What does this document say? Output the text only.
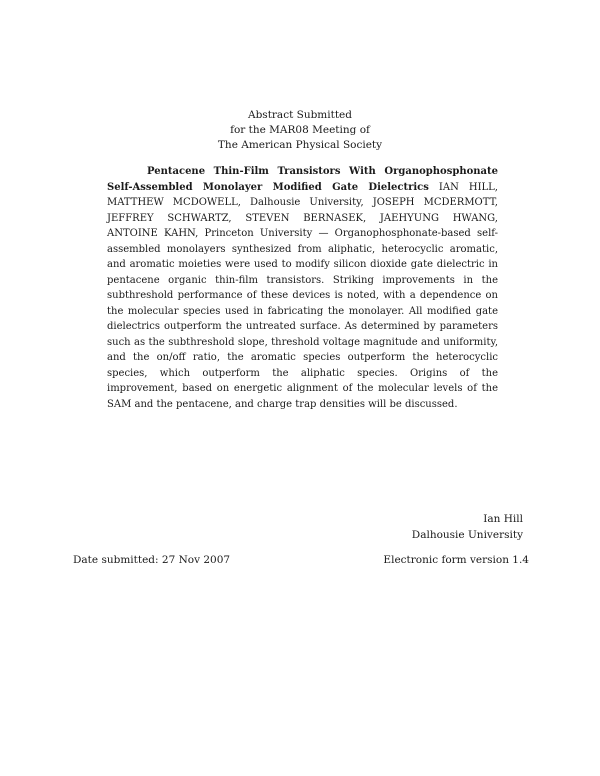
Abstract Submitted
for the MAR08 Meeting of
The American Physical Society
Pentacene Thin-Film Transistors With Organophosphonate Self-Assembled Monolayer Modified Gate Dielectrics IAN HILL, MATTHEW MCDOWELL, Dalhousie University, JOSEPH MCDERMOTT, JEFFREY SCHWARTZ, STEVEN BERNASEK, JAEHYUNG HWANG, ANTOINE KAHN, Princeton University — Organophosphonate-based self-assembled monolayers synthesized from aliphatic, heterocyclic aromatic, and aromatic moieties were used to modify silicon dioxide gate dielectric in pentacene organic thin-film transistors. Striking improvements in the subthreshold performance of these devices is noted, with a dependence on the molecular species used in fabricating the monolayer. All modified gate dielectrics outperform the untreated surface. As determined by parameters such as the subthreshold slope, threshold voltage magnitude and uniformity, and the on/off ratio, the aromatic species outperform the heterocyclic species, which outperform the aliphatic species. Origins of the improvement, based on energetic alignment of the molecular levels of the SAM and the pentacene, and charge trap densities will be discussed.
Ian Hill
Dalhousie University
Date submitted: 27 Nov 2007	Electronic form version 1.4
